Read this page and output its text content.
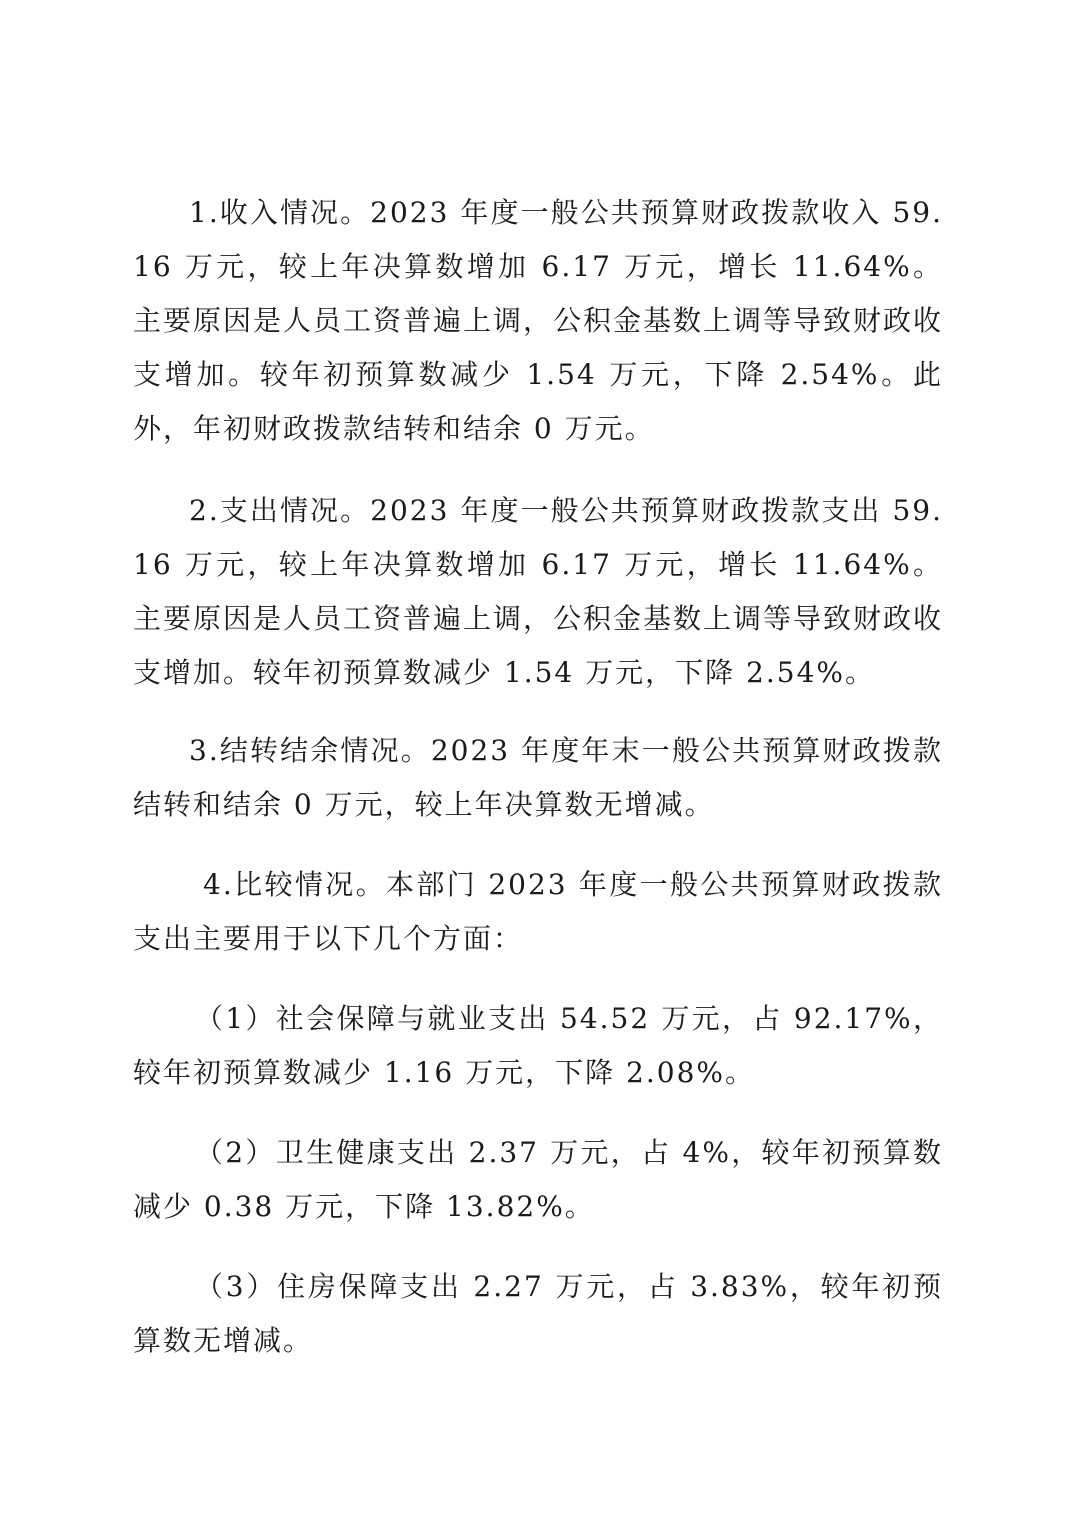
1.收入情况。2023 年度一般公共预算财政拨款收入 59.16 万元，较上年决算数增加 6.17 万元，增长 11.64%。主要原因是人员工资普遍上调，公积金基数上调等导致财政收支增加。较年初预算数减少 1.54 万元，下降 2.54%。此外，年初财政拨款结转和结余 0 万元。

2.支出情况。2023 年度一般公共预算财政拨款支出 59.16 万元，较上年决算数增加 6.17 万元，增长 11.64%。主要原因是人员工资普遍上调，公积金基数上调等导致财政收支增加。较年初预算数减少 1.54 万元，下降 2.54%。

3.结转结余情况。2023 年度年末一般公共预算财政拨款结转和结余 0 万元，较上年决算数无增减。

4.比较情况。本部门 2023 年度一般公共预算财政拨款支出主要用于以下几个方面：

（1）社会保障与就业支出 54.52 万元，占 92.17%，较年初预算数减少 1.16 万元，下降 2.08%。

（2）卫生健康支出 2.37 万元，占 4%，较年初预算数减少 0.38 万元，下降 13.82%。

（3）住房保障支出 2.27 万元，占 3.83%，较年初预算数无增减。
